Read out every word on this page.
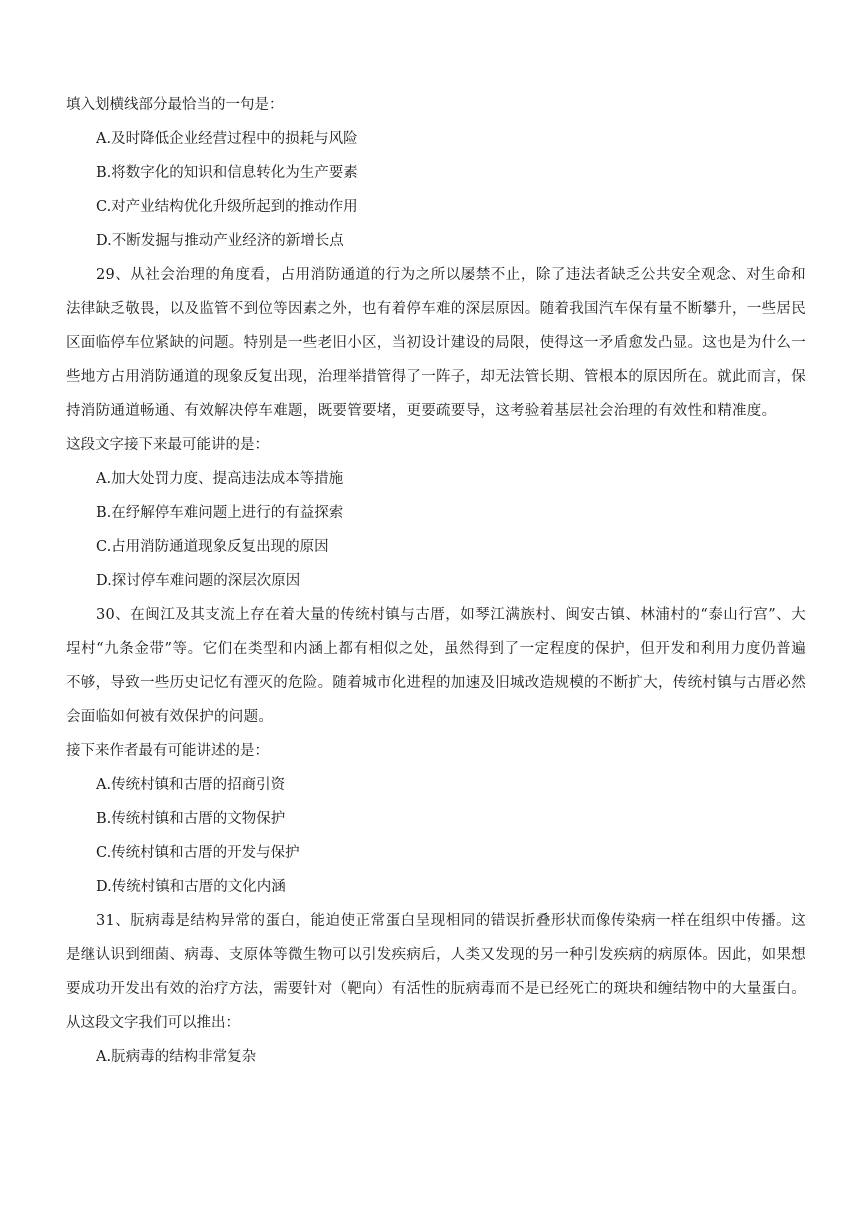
填入划横线部分最恰当的一句是：

A.及时降低企业经营过程中的损耗与风险

B.将数字化的知识和信息转化为生产要素

C.对产业结构优化升级所起到的推动作用

D.不断发掘与推动产业经济的新增长点

29、从社会治理的角度看，占用消防通道的行为之所以屡禁不止，除了违法者缺乏公共安全观念、对生命和法律缺乏敬畏，以及监管不到位等因素之外，也有着停车难的深层原因。随着我国汽车保有量不断攀升，一些居民区面临停车位紧缺的问题。特别是一些老旧小区，当初设计建设的局限，使得这一矛盾愈发凸显。这也是为什么一些地方占用消防通道的现象反复出现，治理举措管得了一阵子，却无法管长期、管根本的原因所在。就此而言，保持消防通道畅通、有效解决停车难题，既要管要堵，更要疏要导，这考验着基层社会治理的有效性和精准度。

这段文字接下来最可能讲的是：

A.加大处罚力度、提高违法成本等措施

B.在纾解停车难问题上进行的有益探索

C.占用消防通道现象反复出现的原因

D.探讨停车难问题的深层次原因

30、在闽江及其支流上存在着大量的传统村镇与古厝，如琴江满族村、闽安古镇、林浦村的“泰山行宫”、大埕村“九条金带”等。它们在类型和内涵上都有相似之处，虽然得到了一定程度的保护，但开发和利用力度仍普遍不够，导致一些历史记忆有湮灭的危险。随着城市化进程的加速及旧城改造规模的不断扩大，传统村镇与古厝必然会面临如何被有效保护的问题。

接下来作者最有可能讲述的是：

A.传统村镇和古厝的招商引资

B.传统村镇和古厝的文物保护

C.传统村镇和古厝的开发与保护

D.传统村镇和古厝的文化内涵

31、朊病毒是结构异常的蛋白，能迫使正常蛋白呈现相同的错误折叠形状而像传染病一样在组织中传播。这是继认识到细菌、病毒、支原体等微生物可以引发疾病后，人类又发现的另一种引发疾病的病原体。因此，如果想要成功开发出有效的治疗方法，需要针对（靶向）有活性的朊病毒而不是已经死亡的斑块和缠结物中的大量蛋白。

从这段文字我们可以推出：

A.朊病毒的结构非常复杂
